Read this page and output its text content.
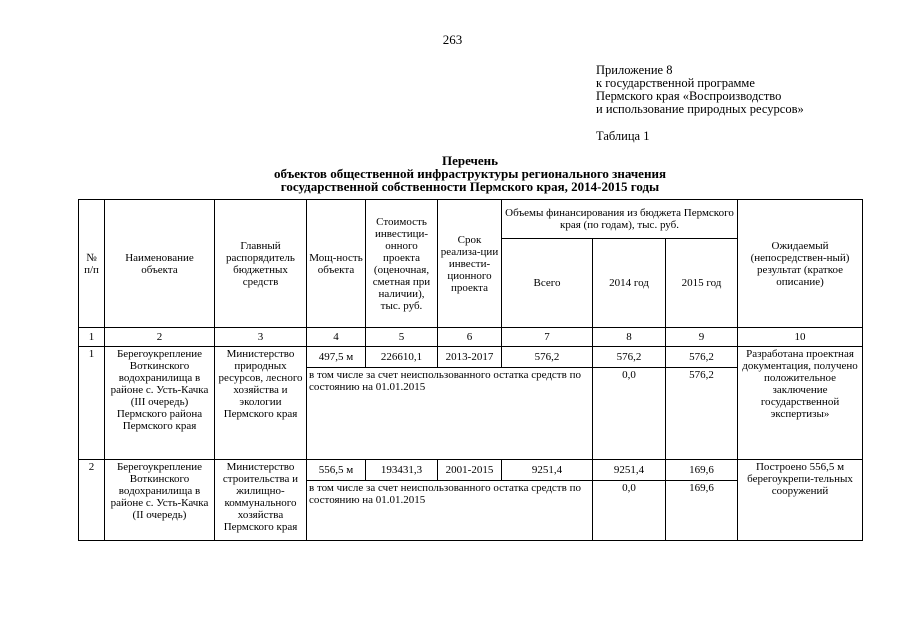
263
Приложение 8
к государственной программе
Пермского края «Воспроизводство
и использование природных ресурсов»
Таблица 1
Перечень
объектов общественной инфраструктуры регионального значения
государственной собственности Пермского края, 2014-2015 годы
№ п/п	Наименование объекта	Главный распорядитель бюджетных средств	Мощ-ность объекта	Стоимость инвестици-онного проекта (оценочная, сметная при наличии), тыс. руб.	Срок реализа-ции инвести-ционного проекта	Объемы финансирования из бюджета Пермского края (по годам), тыс. руб.			Ожидаемый (непосредствен-ный) результат (краткое описание)
						Всего	2014 год	2015 год	
1	2	3	4	5	6	7	8	9	10
1	Берегоукрепление Воткинского водохранилища в районе с. Усть-Качка (III очередь) Пермского района Пермского края	Министерство природных ресурсов, лесного хозяйства и экологии Пермского края	497,5 м	226610,1	2013-2017	576,2	576,2	576,2	Разработана проектная документация, получено положительное заключение государственной экспертизы»
			в том числе за счет неиспользованного остатка средств по состоянию на 01.01.2015				0,0	576,2	
2	Берегоукрепление Воткинского водохранилища в районе с. Усть-Качка (II очередь)	Министерство строительства и жилищно-коммунального хозяйства Пермского края	556,5 м	193431,3	2001-2015	9251,4	9251,4	169,6	Построено 556,5 м берегоукрепи-тельных сооружений
			в том числе за счет неиспользованного остатка средств по состоянию на 01.01.2015				0,0	169,6	
